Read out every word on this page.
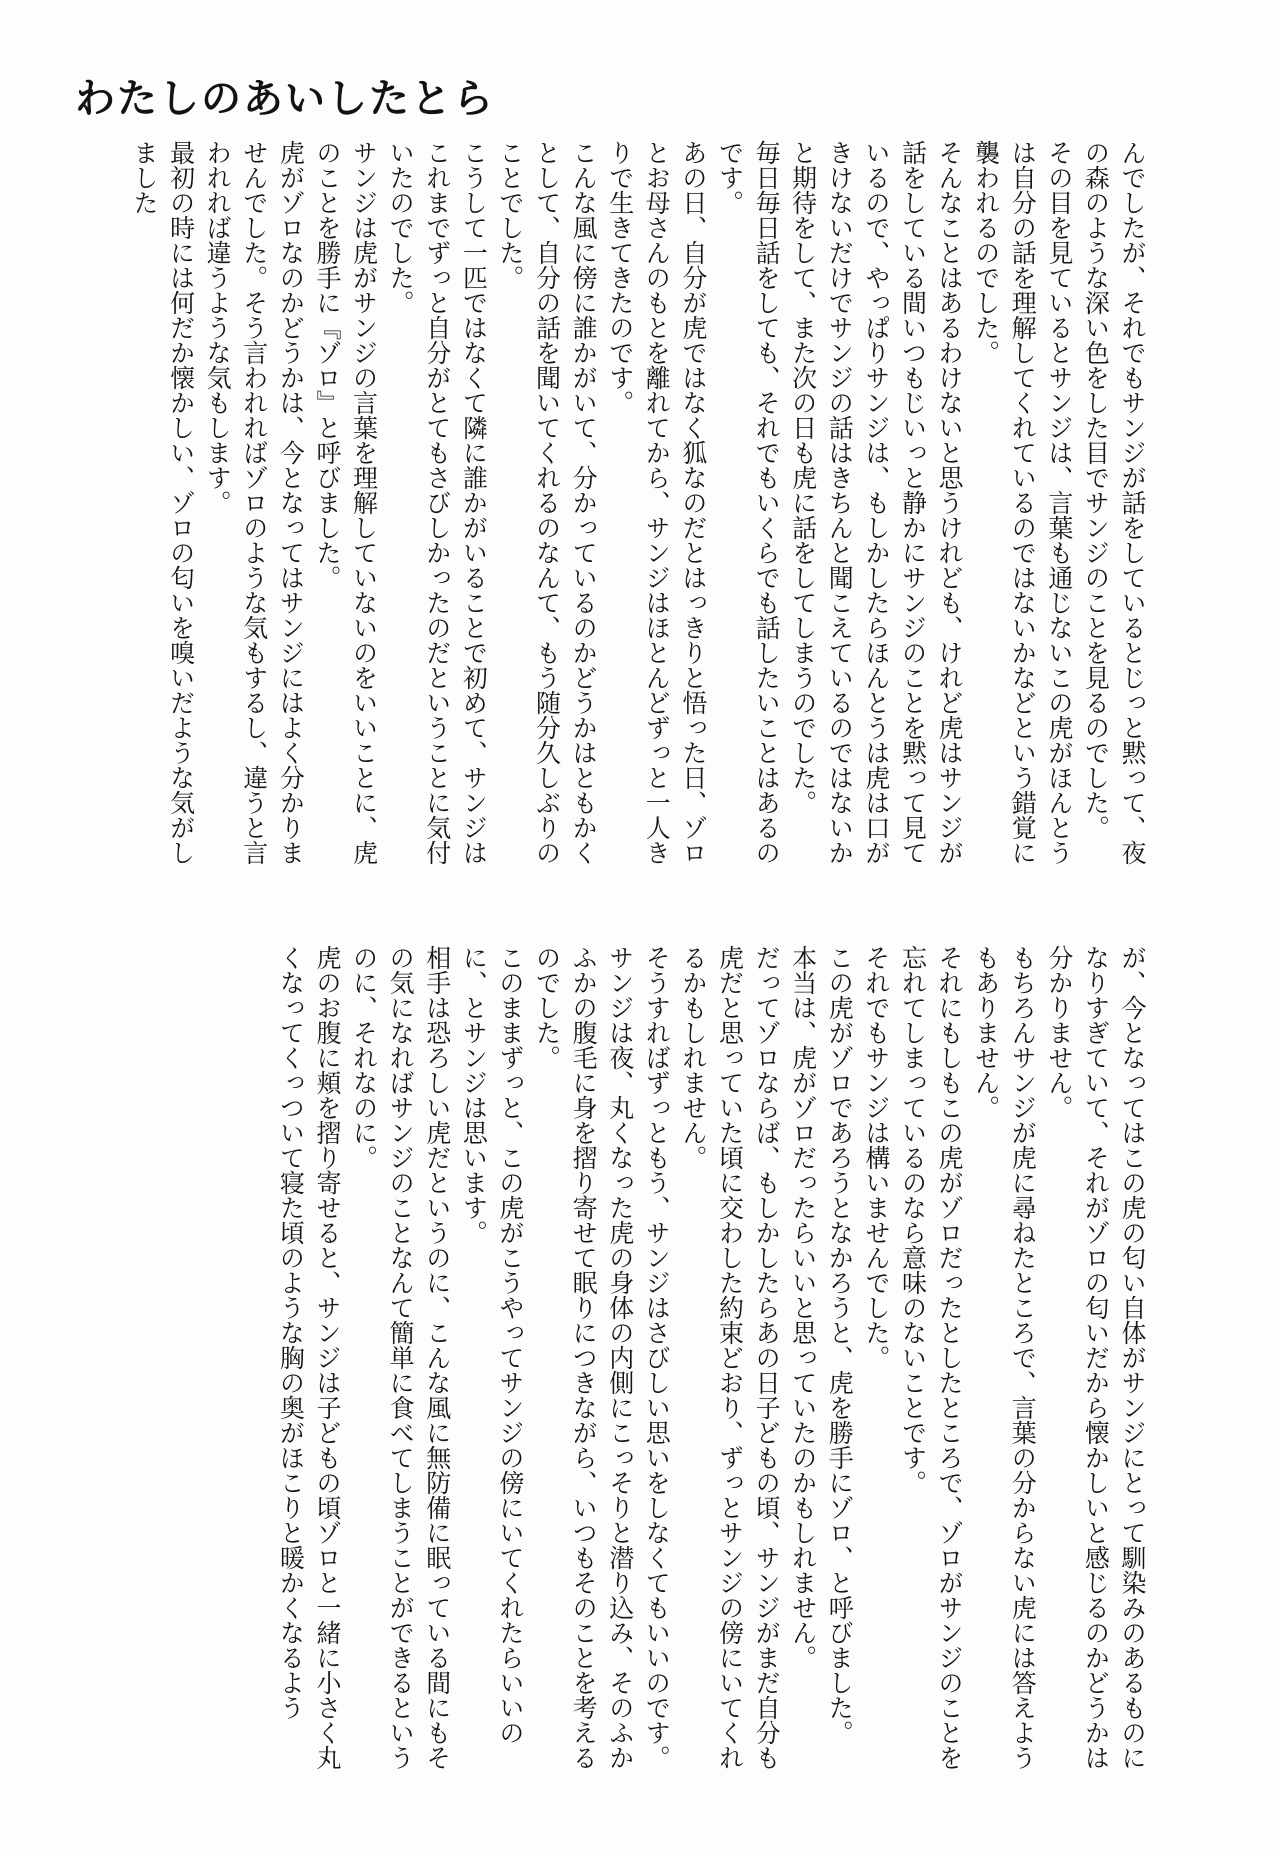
わたしのあいしたとら

んでしたが、それでもサンジが話をしているとじっと黙って、夜の森のような深い色をした目でサンジのことを見るのでした。

その目を見ているとサンジは、言葉も通じないこの虎がほんとうは自分の話を理解してくれているのではないかなどという錯覚に襲われるのでした。

そんなことはあるわけないと思うけれども、けれど虎はサンジが話をしている間いつもじいっと静かにサンジのことを黙って見ているので、やっぱりサンジは、もしかしたらほんとうは虎は口がきけないだけでサンジの話はきちんと聞こえているのではないかと期待をして、また次の日も虎に話をしてしまうのでした。

毎日毎日話をしても、それでもいくらでも話したいことはあるのです。

あの日、自分が虎ではなく狐なのだとはっきりと悟った日、ゾロとお母さんのもとを離れてから、サンジはほとんどずっと一人きりで生きてきたのです。

こんな風に傍に誰かがいて、分かっているのかどうかはともかくとして、自分の話を聞いてくれるのなんて、もう随分久しぶりのことでした。

こうして一匹ではなくて隣に誰かがいることで初めて、サンジはこれまでずっと自分がとてもさびしかったのだということに気付いたのでした。

サンジは虎がサンジの言葉を理解していないのをいいことに、虎のことを勝手に『ゾロ』と呼びました。

虎がゾロなのかどうかは、今となってはサンジにはよく分かりませんでした。そう言われればゾロのような気もするし、違うと言われれば違うような気もします。

最初の時には何だか懐かしい、ゾロの匂いを嗅いだような気がしました

が、今となってはこの虎の匂い自体がサンジにとって馴染みのあるものになりすぎていて、それがゾロの匂いだから懐かしいと感じるのかどうかは分かりません。

もちろんサンジが虎に尋ねたところで、言葉の分からない虎には答えようもありません。

それにもしもこの虎がゾロだったとしたところで、ゾロがサンジのことを忘れてしまっているのなら意味のないことです。

それでもサンジは構いませんでした。

この虎がゾロであろうとなかろうと、虎を勝手にゾロ、と呼びました。

本当は、虎がゾロだったらいいと思っていたのかもしれません。

だってゾロならば、もしかしたらあの日子どもの頃、サンジがまだ自分も虎だと思っていた頃に交わした約束どおり、ずっとサンジの傍にいてくれるかもしれません。

そうすればずっともう、サンジはさびしい思いをしなくてもいいのです。

サンジは夜、丸くなった虎の身体の内側にこっそりと潜り込み、そのふかふかの腹毛に身を摺り寄せて眠りにつきながら、いつもそのことを考えるのでした。

このままずっと、この虎がこうやってサンジの傍にいてくれたらいいのに、とサンジは思います。

相手は恐ろしい虎だというのに、こんな風に無防備に眠っている間にもその気になればサンジのことなんて簡単に食べてしまうことができるというのに、それなのに。

虎のお腹に頬を摺り寄せると、サンジは子どもの頃ゾロと一緒に小さく丸くなってくっついて寝た頃のような胸の奥がほこりと暖かくなるよう
